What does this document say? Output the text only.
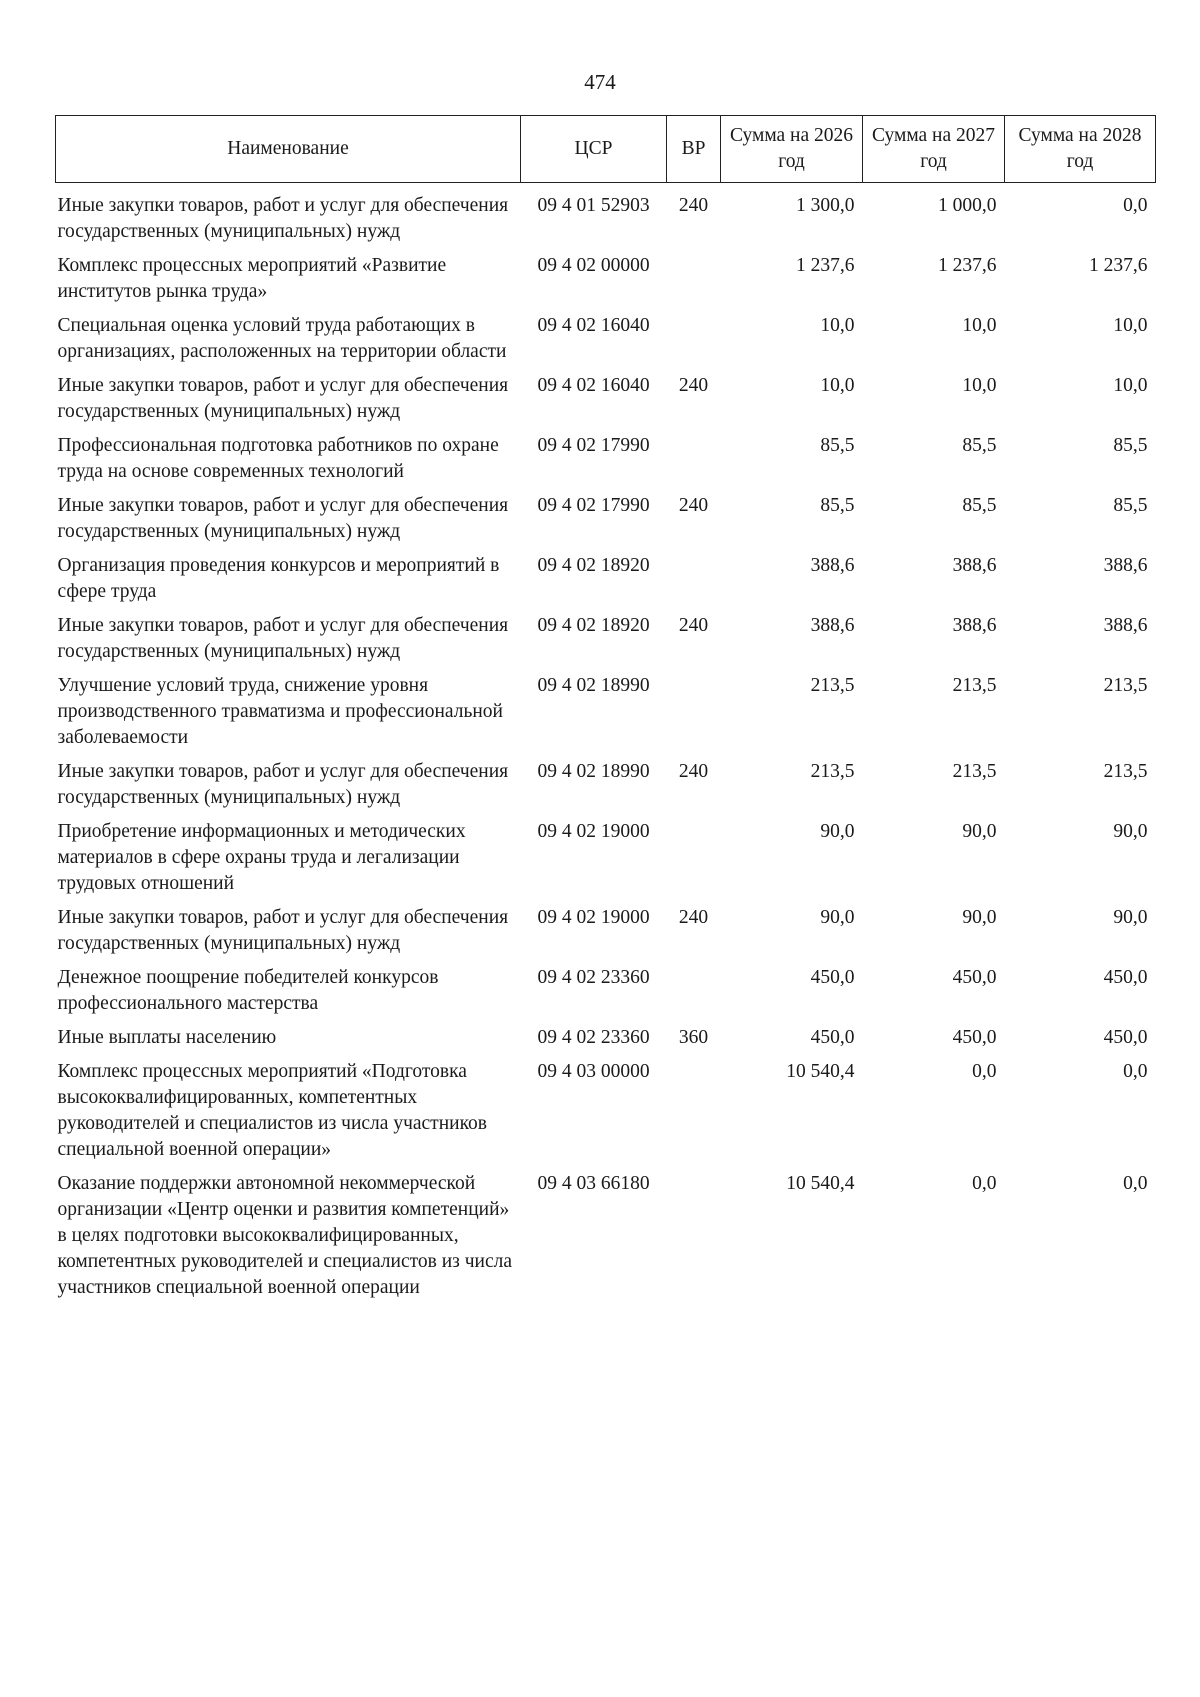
474
Наименование	ЦСР	ВР	Сумма на 2026 год	Сумма на 2027 год	Сумма на 2028 год
Иные закупки товаров, работ и услуг для обеспечения государственных (муниципальных) нужд	09 4 01 52903	240	1 300,0	1 000,0	0,0
Комплекс процессных мероприятий «Развитие институтов рынка труда»	09 4 02 00000		1 237,6	1 237,6	1 237,6
Специальная оценка условий труда работающих в организациях, расположенных на территории области	09 4 02 16040		10,0	10,0	10,0
Иные закупки товаров, работ и услуг для обеспечения государственных (муниципальных) нужд	09 4 02 16040	240	10,0	10,0	10,0
Профессиональная подготовка работников по охране труда на основе современных технологий	09 4 02 17990		85,5	85,5	85,5
Иные закупки товаров, работ и услуг для обеспечения государственных (муниципальных) нужд	09 4 02 17990	240	85,5	85,5	85,5
Организация проведения конкурсов и мероприятий в сфере труда	09 4 02 18920		388,6	388,6	388,6
Иные закупки товаров, работ и услуг для обеспечения государственных (муниципальных) нужд	09 4 02 18920	240	388,6	388,6	388,6
Улучшение условий труда, снижение уровня производственного травматизма и профессиональной заболеваемости	09 4 02 18990		213,5	213,5	213,5
Иные закупки товаров, работ и услуг для обеспечения государственных (муниципальных) нужд	09 4 02 18990	240	213,5	213,5	213,5
Приобретение информационных и методических материалов в сфере охраны труда и легализации трудовых отношений	09 4 02 19000		90,0	90,0	90,0
Иные закупки товаров, работ и услуг для обеспечения государственных (муниципальных) нужд	09 4 02 19000	240	90,0	90,0	90,0
Денежное поощрение победителей конкурсов профессионального мастерства	09 4 02 23360		450,0	450,0	450,0
Иные выплаты населению	09 4 02 23360	360	450,0	450,0	450,0
Комплекс процессных мероприятий «Подготовка высококвалифицированных, компетентных руководителей и специалистов из числа участников специальной военной операции»	09 4 03 00000		10 540,4	0,0	0,0
Оказание поддержки автономной некоммерческой организации «Центр оценки и развития компетенций» в целях подготовки высококвалифицированных, компетентных руководителей и специалистов из числа участников специальной военной операции	09 4 03 66180		10 540,4	0,0	0,0
